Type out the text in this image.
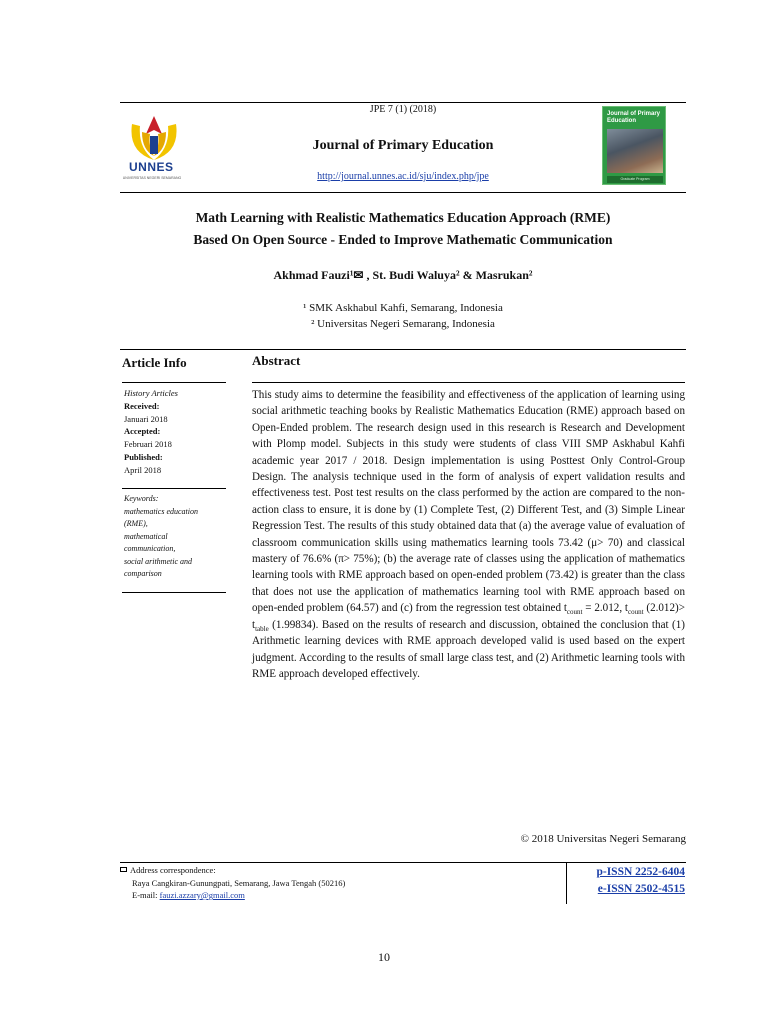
JPE 7 (1) (2018)
UNNES
UNIVERSITAS NEGERI SEMARANG
Journal of Primary Education
http://journal.unnes.ac.id/sju/index.php/jpe
Journal of Primary Education
Graduate Program
Math Learning with Realistic Mathematics Education Approach (RME)
Based On Open Source - Ended to Improve Mathematic Communication
Akhmad Fauzi¹✉ , St. Budi Waluya² & Masrukan²
¹ SMK Askhabul Kahfi, Semarang, Indonesia
² Universitas Negeri Semarang, Indonesia
Article Info	Abstract
History Articles
Received:
Januari 2018
Accepted:
Februari 2018
Published:
April 2018
Keywords:
mathematics education
(RME),
mathematical
communication,
social arithmetic and
comparison
This study aims to determine the feasibility and effectiveness of the application of learning using social arithmetic teaching books by Realistic Mathematics Education (RME) approach based on Open-Ended problem. The research design used in this research is Research and Development with Plomp model. Subjects in this study were students of class VIII SMP Askhabul Kahfi academic year 2017 / 2018. Design implementation is using Posttest Only Control-Group Design. The analysis technique used in the form of analysis of expert validation results and effectiveness test. Post test results on the class performed by the action are compared to the non-action class to ensure, it is done by (1) Complete Test, (2) Different Test, and (3) Simple Linear Regression Test. The results of this study obtained data that (a) the average value of evaluation of classroom communication skills using mathematics learning tools 73.42 (μ> 70) and classical mastery of 76.6% (π> 75%); (b) the average rate of classes using the application of mathematics learning tools with RME approach based on open-ended problem (73.42) is greater than the class that does not use the application of mathematics learning tool with RME approach based on open-ended problem (64.57) and (c) from the regression test obtained $t_{count} = 2.012$, $t_{count}$ $(2.012)> t_{table}$ (1.99834). Based on the results of research and discussion, obtained the conclusion that (1) Arithmetic learning devices with RME approach developed valid is used based on the expert judgment. According to the results of small large class test, and (2) Arithmetic learning tools with RME approach developed effectively.
© 2018 Universitas Negeri Semarang
Address correspondence:
Raya Cangkiran-Gunungpati, Semarang, Jawa Tengah (50216)
E-mail: fauzi.azzary@gmail.com
p-ISSN 2252-6404
e-ISSN 2502-4515
10
